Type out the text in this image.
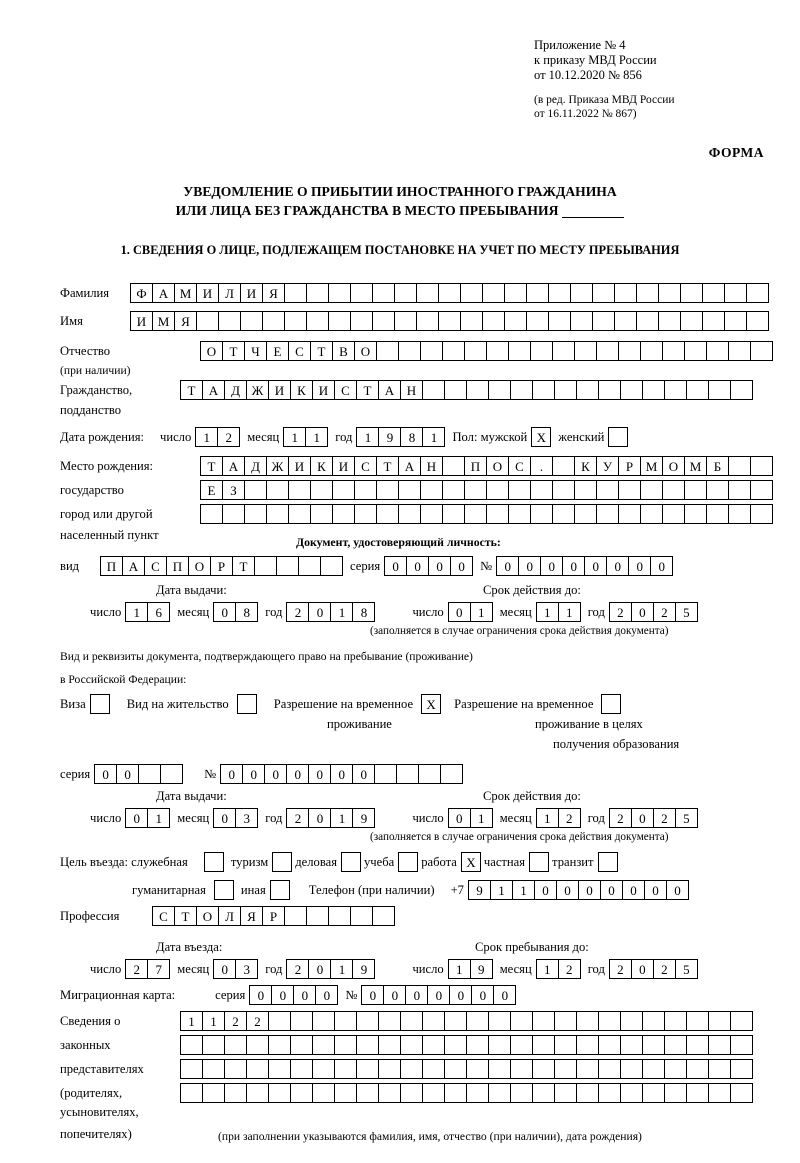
Приложение № 4
к приказу МВД России
от 10.12.2020 № 856
(в ред. Приказа МВД России
от 16.11.2022 № 867)
ФОРМА
УВЕДОМЛЕНИЕ О ПРИБЫТИИ ИНОСТРАННОГО ГРАЖДАНИНА
ИЛИ ЛИЦА БЕЗ ГРАЖДАНСТВА В МЕСТО ПРЕБЫВАНИЯ
1. СВЕДЕНИЯ О ЛИЦЕ, ПОДЛЕЖАЩЕМ ПОСТАНОВКЕ НА УЧЕТ ПО МЕСТУ ПРЕБЫВАНИЯ
Фамилия	Ф А М И Л И Я
Имя	И М Я
Отчество	О	Т	Ч	Е	С	Т	В О
(при наличии)
Гражданство,	Т	А Д Ж И К И С	Т	А Н
подданство
Дата рождения: число 1	2	месяц 1	1	год 1	9	8	1	Пол: мужской X женский
Место рождения:	Т	А Д Ж И К И С	Т	А Н	П О С	.	К	У	Р М О М Б
государство	Е	З
город или другой
населенный пункт	Документ, удостоверяющий личность:
вид	П А С П О	Р	Т	серия 0	0	0	0	№ 0	0	0	0	0	0	0	0
Дата выдачи:	Срок действия до:
число 1	6	месяц 0	8	год 2	0	1	8	число 0	1	месяц 1	1	год 2	0	2	5
(заполняется в случае ограничения срока действия документа)
Вид и реквизиты документа, подтверждающего право на пребывание (проживание)
в Российской Федерации:
Виза	Вид на жительство	Разрешение на временное	X	Разрешение на временное
проживание	проживание в целях
получения образования
серия 0	0	№ 0	0	0	0	0	0	0
Дата выдачи:	Срок действия до:
число 0	1	месяц 0	3	год 2	0	1	9	число 0	1	месяц 1	2	год 2	0	2	5
(заполняется в случае ограничения срока действия документа)
Цель въезда: служебная	туризм деловая учеба работа X частная транзит
гуманитарная	иная	Телефон (при наличии) +7 9	1	1	0	0	0	0	0	0	0
Профессия	С	Т	О Л	Я	Р
Дата въезда:	Срок пребывания до:
число 2	7	месяц 0	3	год 2	0	1	9	число 1	9	месяц 1	2	год 2	0	2	5
Миграционная карта:	серия 0	0	0	0	№ 0	0	0	0	0	0	0
Сведения о	1	1	2	2
законных
представителях
(родителях,
усыновителях,
попечителях)	(при заполнении указываются фамилия, имя, отчество (при наличии), дата рождения)
